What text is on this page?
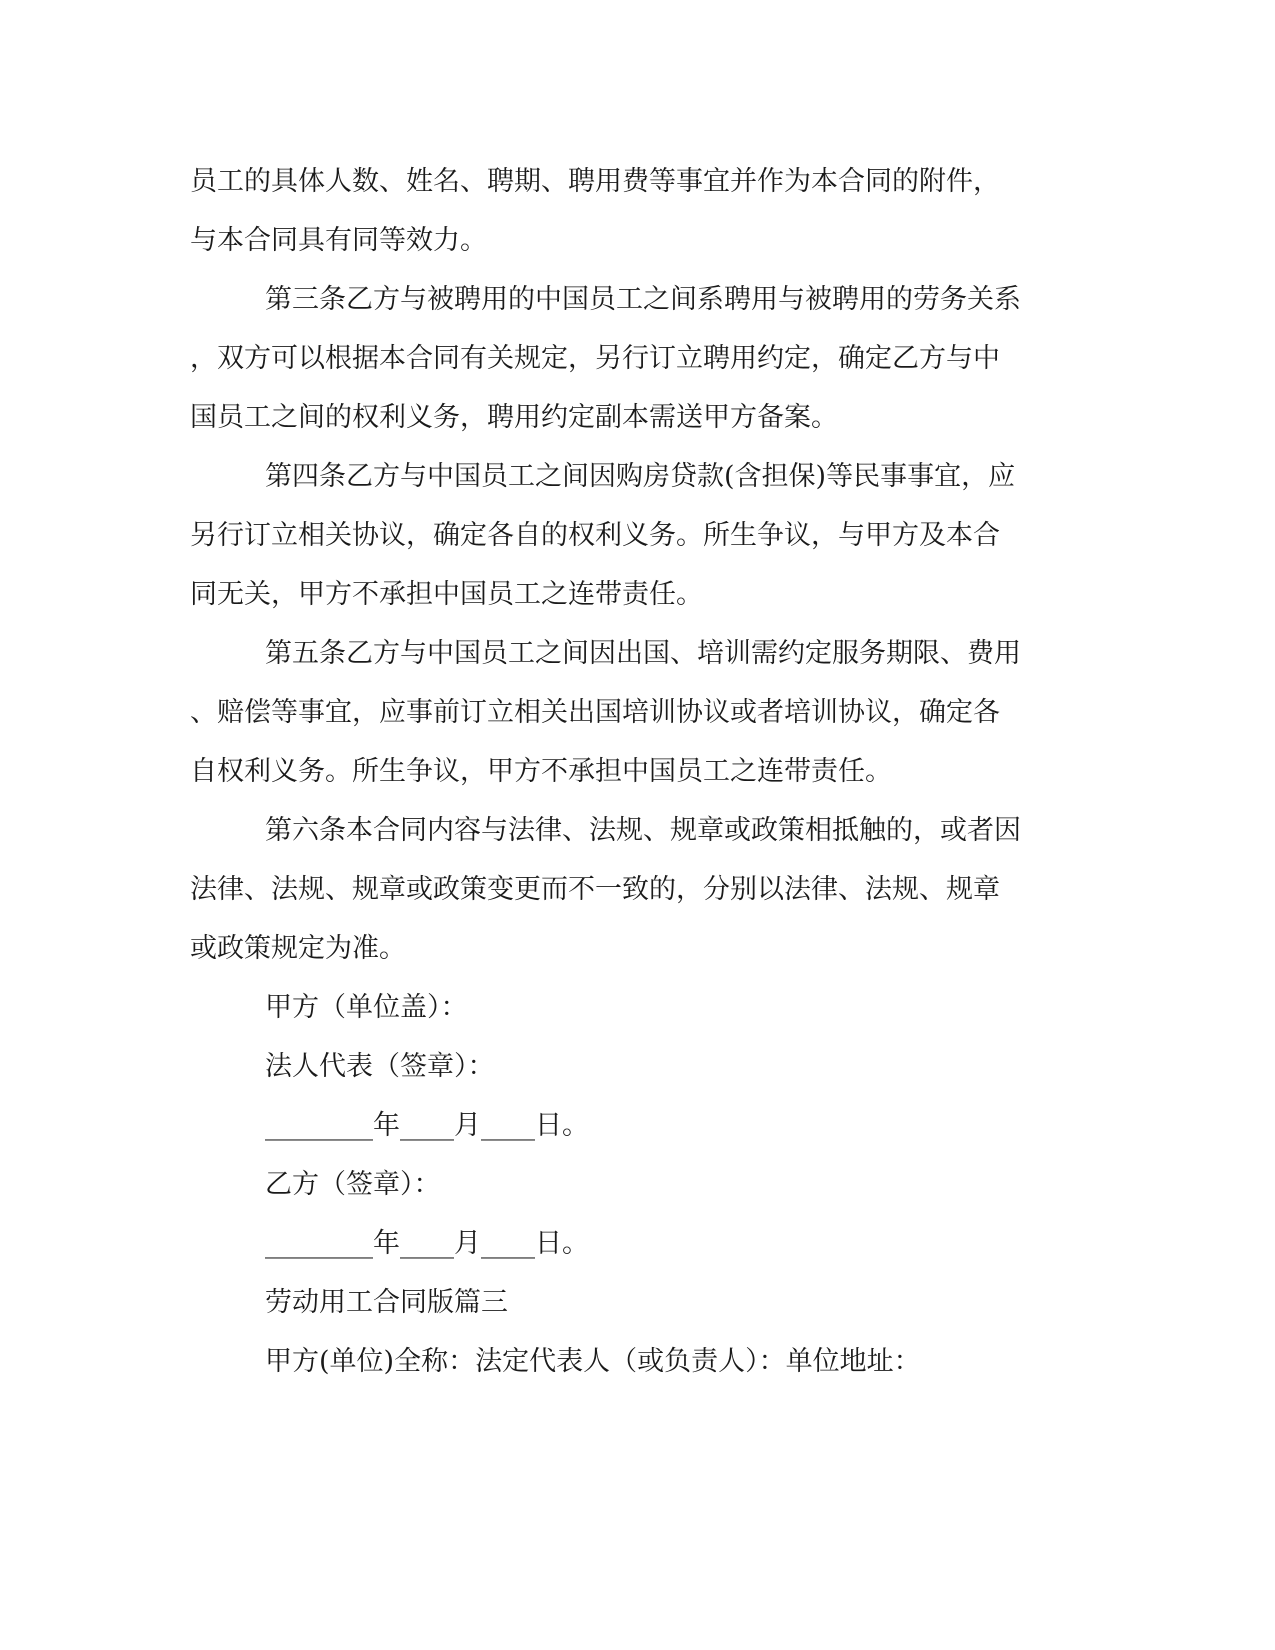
员工的具体人数、姓名、聘期、聘用费等事宜并作为本合同的附件，
与本合同具有同等效力。
第三条乙方与被聘用的中国员工之间系聘用与被聘用的劳务关系
，双方可以根据本合同有关规定，另行订立聘用约定，确定乙方与中
国员工之间的权利义务，聘用约定副本需送甲方备案。
第四条乙方与中国员工之间因购房贷款(含担保)等民事事宜，应
另行订立相关协议，确定各自的权利义务。所生争议，与甲方及本合
同无关，甲方不承担中国员工之连带责任。
第五条乙方与中国员工之间因出国、培训需约定服务期限、费用
、赔偿等事宜，应事前订立相关出国培训协议或者培训协议，确定各
自权利义务。所生争议，甲方不承担中国员工之连带责任。
第六条本合同内容与法律、法规、规章或政策相抵触的，或者因
法律、法规、规章或政策变更而不一致的，分别以法律、法规、规章
或政策规定为准。
甲方（单位盖）：
法人代表（签章）：
________年____月____日。
乙方（签章）：
________年____月____日。
劳动用工合同版篇三
甲方(单位)全称：法定代表人（或负责人）：单位地址：
